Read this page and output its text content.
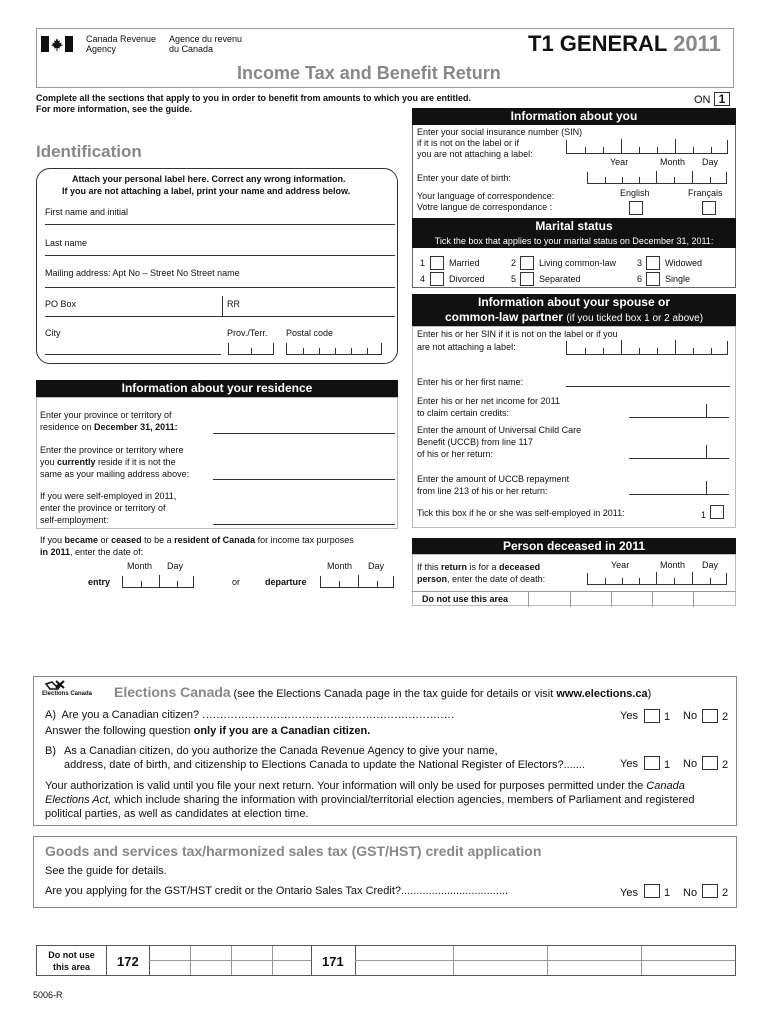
Canada Revenue
Agency
Agence du revenu
du Canada	T1 GENERAL 2011
Income Tax and Benefit Return
Complete all the sections that apply to you in order to benefit from amounts to which you are entitled.
For more information, see the guide.
ON 1
Identification
Attach your personal label here. Correct any wrong information.
If you are not attaching a label, print your name and address below.
First name and initial
Last name
Mailing address: Apt No – Street No Street name
PO Box	RR
City	Prov./Terr. Postal code
Information about you
Enter your social insurance number (SIN)
if it is not on the label or if
you are not attaching a label:
Year	Month Day
Enter your date of birth:
English	Français
Your language of correspondence:
Votre langue de correspondance :
Marital status
Tick the box that applies to your marital status on December 31, 2011:
1	Married	2	Living common-law 3	Widowed
4	Divorced	5	Separated	6	Single
Information about your spouse or
common-law partner (if you ticked box 1 or 2 above)
Enter his or her SIN if it is not on the label or if you
are not attaching a label:
Enter his or her first name:
Enter his or her net income for 2011
to claim certain credits:
Enter the amount of Universal Child Care
Benefit (UCCB) from line 117
of his or her return:
Enter the amount of UCCB repayment
from line 213 of his or her return:
Tick this box if he or she was self-employed in 2011:	1
Information about your residence
Enter your province or territory of
residence on December 31, 2011:
Enter the province or territory where
you currently reside if it is not the
same as your mailing address above:
If you were self-employed in 2011,
enter the province or territory of
self-employment:
If you became or ceased to be a resident of Canada for income tax purposes
in 2011, enter the date of:
Month Day
entry	or
Month Day
departure
Person deceased in 2011
Year	Month Day
If this return is for a deceased
person, enter the date of death:
Do not use this area
Elections Canada Elections Canada (see the Elections Canada page in the tax guide for details or visit www.elections.ca)
A) Are you a Canadian citizen? .......................................................................	Yes 1 No 2
Answer the following question only if you are a Canadian citizen.
B) As a Canadian citizen, do you authorize the Canada Revenue Agency to give your name,
address, date of birth, and citizenship to Elections Canada to update the National Register of Electors?.......	Yes 1 No 2
Your authorization is valid until you file your next return. Your information will only be used for purposes permitted under the Canada
Elections Act, which include sharing the information with provincial/territorial election agencies, members of Parliament and registered
political parties, as well as candidates at election time.
Goods and services tax/harmonized sales tax (GST/HST) credit application
See the guide for details.
Are you applying for the GST/HST credit or the Ontario Sales Tax Credit?...................................	Yes 1 No 2
Do not use
this area	172	171
5006-R
